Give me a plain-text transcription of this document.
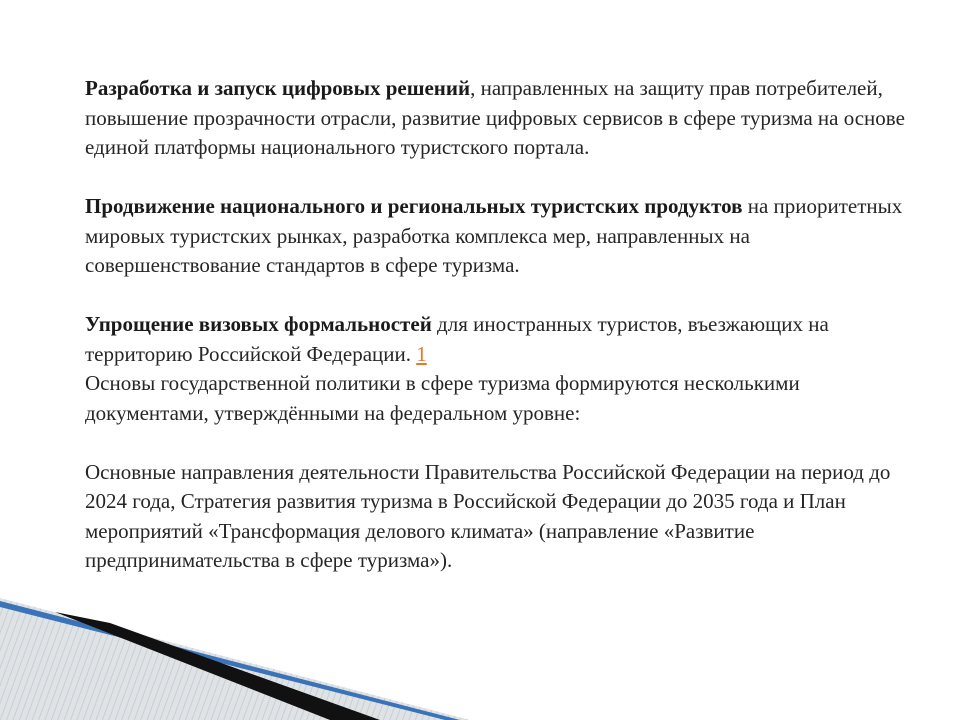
Разработка и запуск цифровых решений, направленных на защиту прав потребителей, повышение прозрачности отрасли, развитие цифровых сервисов в сфере туризма на основе единой платформы национального туристского портала.

Продвижение национального и региональных туристских продуктов на приоритетных мировых туристских рынках, разработка комплекса мер, направленных на совершенствование стандартов в сфере туризма.

Упрощение визовых формальностей для иностранных туристов, въезжающих на территорию Российской Федерации. 1

Основы государственной политики в сфере туризма формируются несколькими документами, утверждёнными на федеральном уровне:

Основные направления деятельности Правительства Российской Федерации на период до 2024 года, Стратегия развития туризма в Российской Федерации до 2035 года и План мероприятий «Трансформация делового климата» (направление «Развитие предпринимательства в сфере туризма»).
